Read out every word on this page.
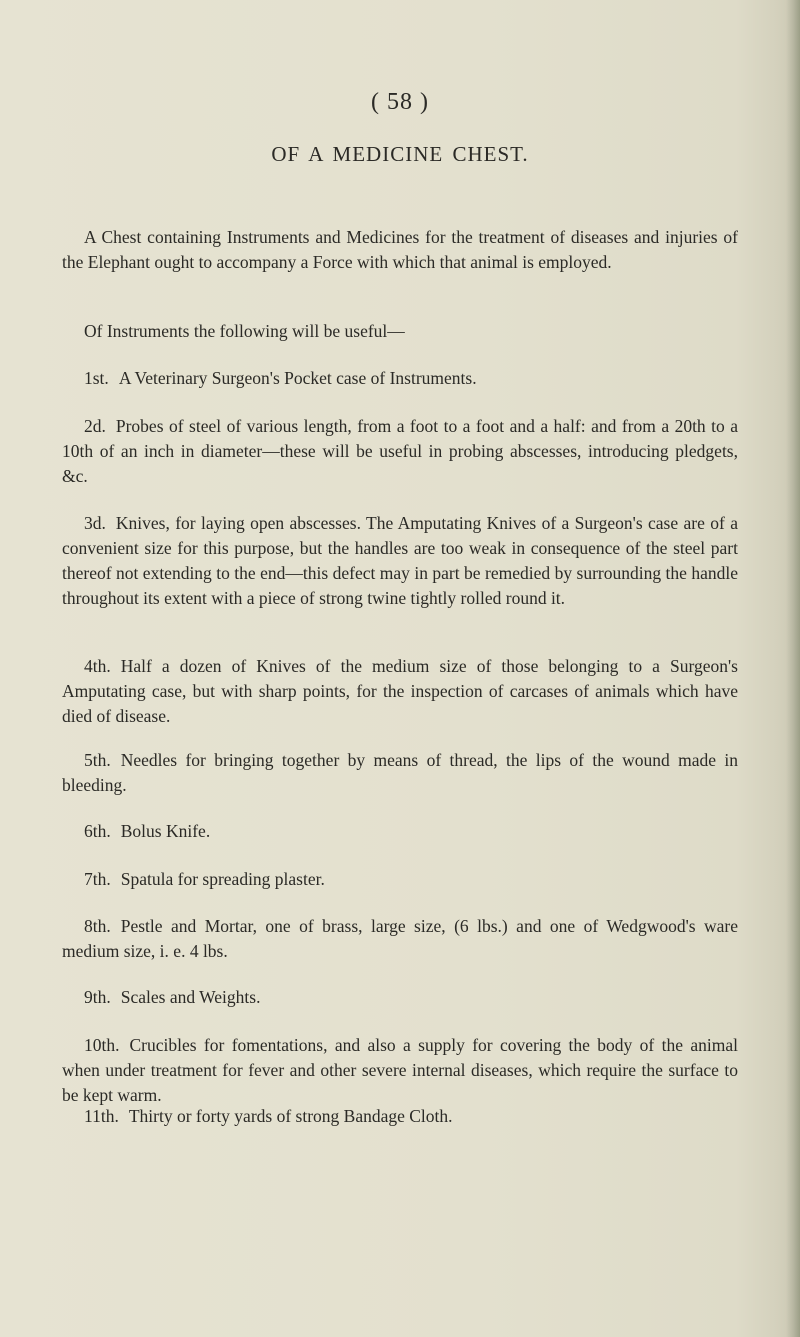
( 58 )
OF A MEDICINE CHEST.

A Chest containing Instruments and Medicines for the treatment of diseases and injuries of the Elephant ought to accompany a Force with which that animal is employed.

Of Instruments the following will be useful—

1st. A Veterinary Surgeon's Pocket case of Instruments.

2d. Probes of steel of various length, from a foot to a foot and a half: and from a 20th to a 10th of an inch in diameter—these will be useful in probing abscesses, introducing pledgets, &c.

3d. Knives, for laying open abscesses. The Amputating Knives of a Surgeon's case are of a convenient size for this purpose, but the handles are too weak in consequence of the steel part thereof not extending to the end—this defect may in part be remedied by surrounding the handle throughout its extent with a piece of strong twine tightly rolled round it.

4th. Half a dozen of Knives of the medium size of those belonging to a Surgeon's Amputating case, but with sharp points, for the inspection of carcases of animals which have died of disease.

5th. Needles for bringing together by means of thread, the lips of the wound made in bleeding.

6th. Bolus Knife.

7th. Spatula for spreading plaster.

8th. Pestle and Mortar, one of brass, large size, (6 lbs.) and one of Wedgwood's ware medium size, i. e. 4 lbs.

9th. Scales and Weights.

10th. Crucibles for fomentations, and also a supply for covering the body of the animal when under treatment for fever and other severe internal diseases, which require the surface to be kept warm.

11th. Thirty or forty yards of strong Bandage Cloth.
